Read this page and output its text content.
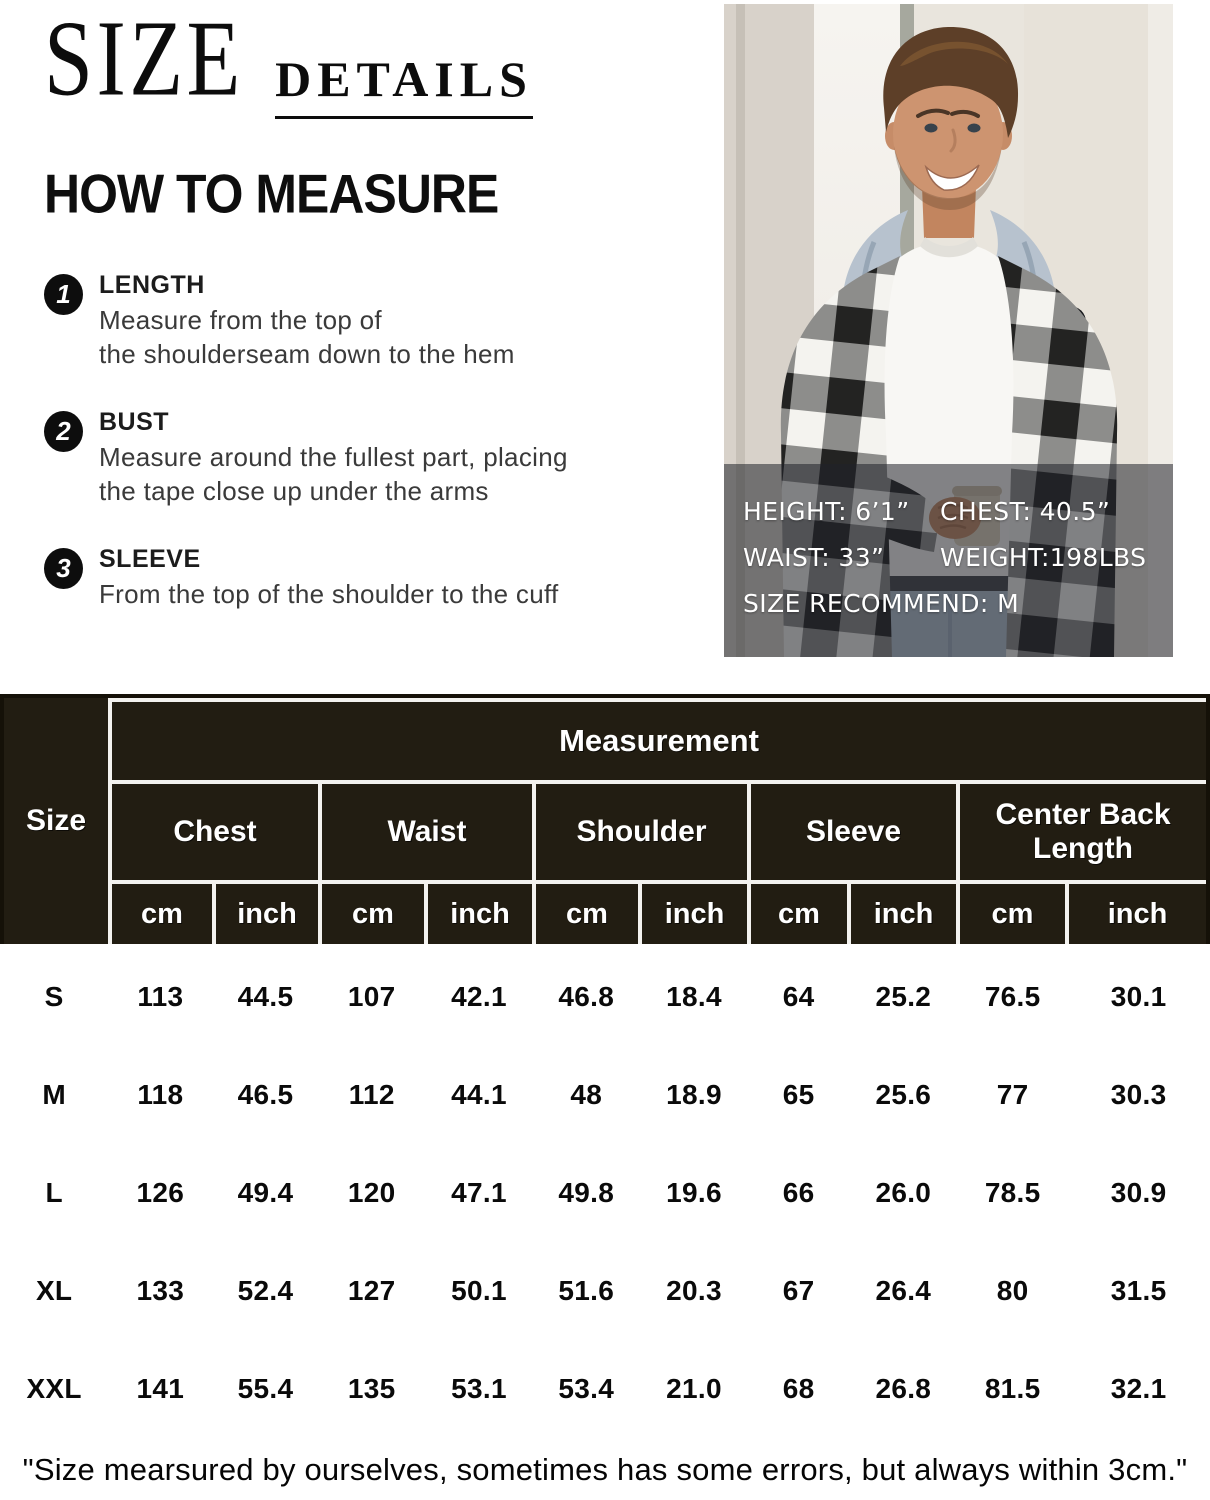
SIZE DETAILS
HOW TO MEASURE
1	LENGTH
Measure from the top of
the shoulderseam down to the hem
2	BUST
Measure around the fullest part, placing
the tape close up under the arms
3	SLEEVE
From the top of the shoulder to the cuff
HEIGHT: 6’1”	CHEST: 40.5”
WAIST: 33”	WEIGHT:198LBS
SIZE RECOMMEND: M
Size
Measurement
Chest	Waist	Shoulder	Sleeve
Center Back Length
cm	inch	cm	inch	cm	inch	cm	inch	cm	inch
S	113	44.5	107	42.1	46.8	18.4	64	25.2	76.5	30.1
M	118	46.5	112	44.1	48	18.9	65	25.6	77	30.3
L	126	49.4	120	47.1	49.8	19.6	66	26.0	78.5	30.9
XL	133	52.4	127	50.1	51.6	20.3	67	26.4	80	31.5
XXL	141	55.4	135	53.1	53.4	21.0	68	26.8	81.5	32.1

"Size mearsured by ourselves, sometimes has some errors, but always within 3cm."
